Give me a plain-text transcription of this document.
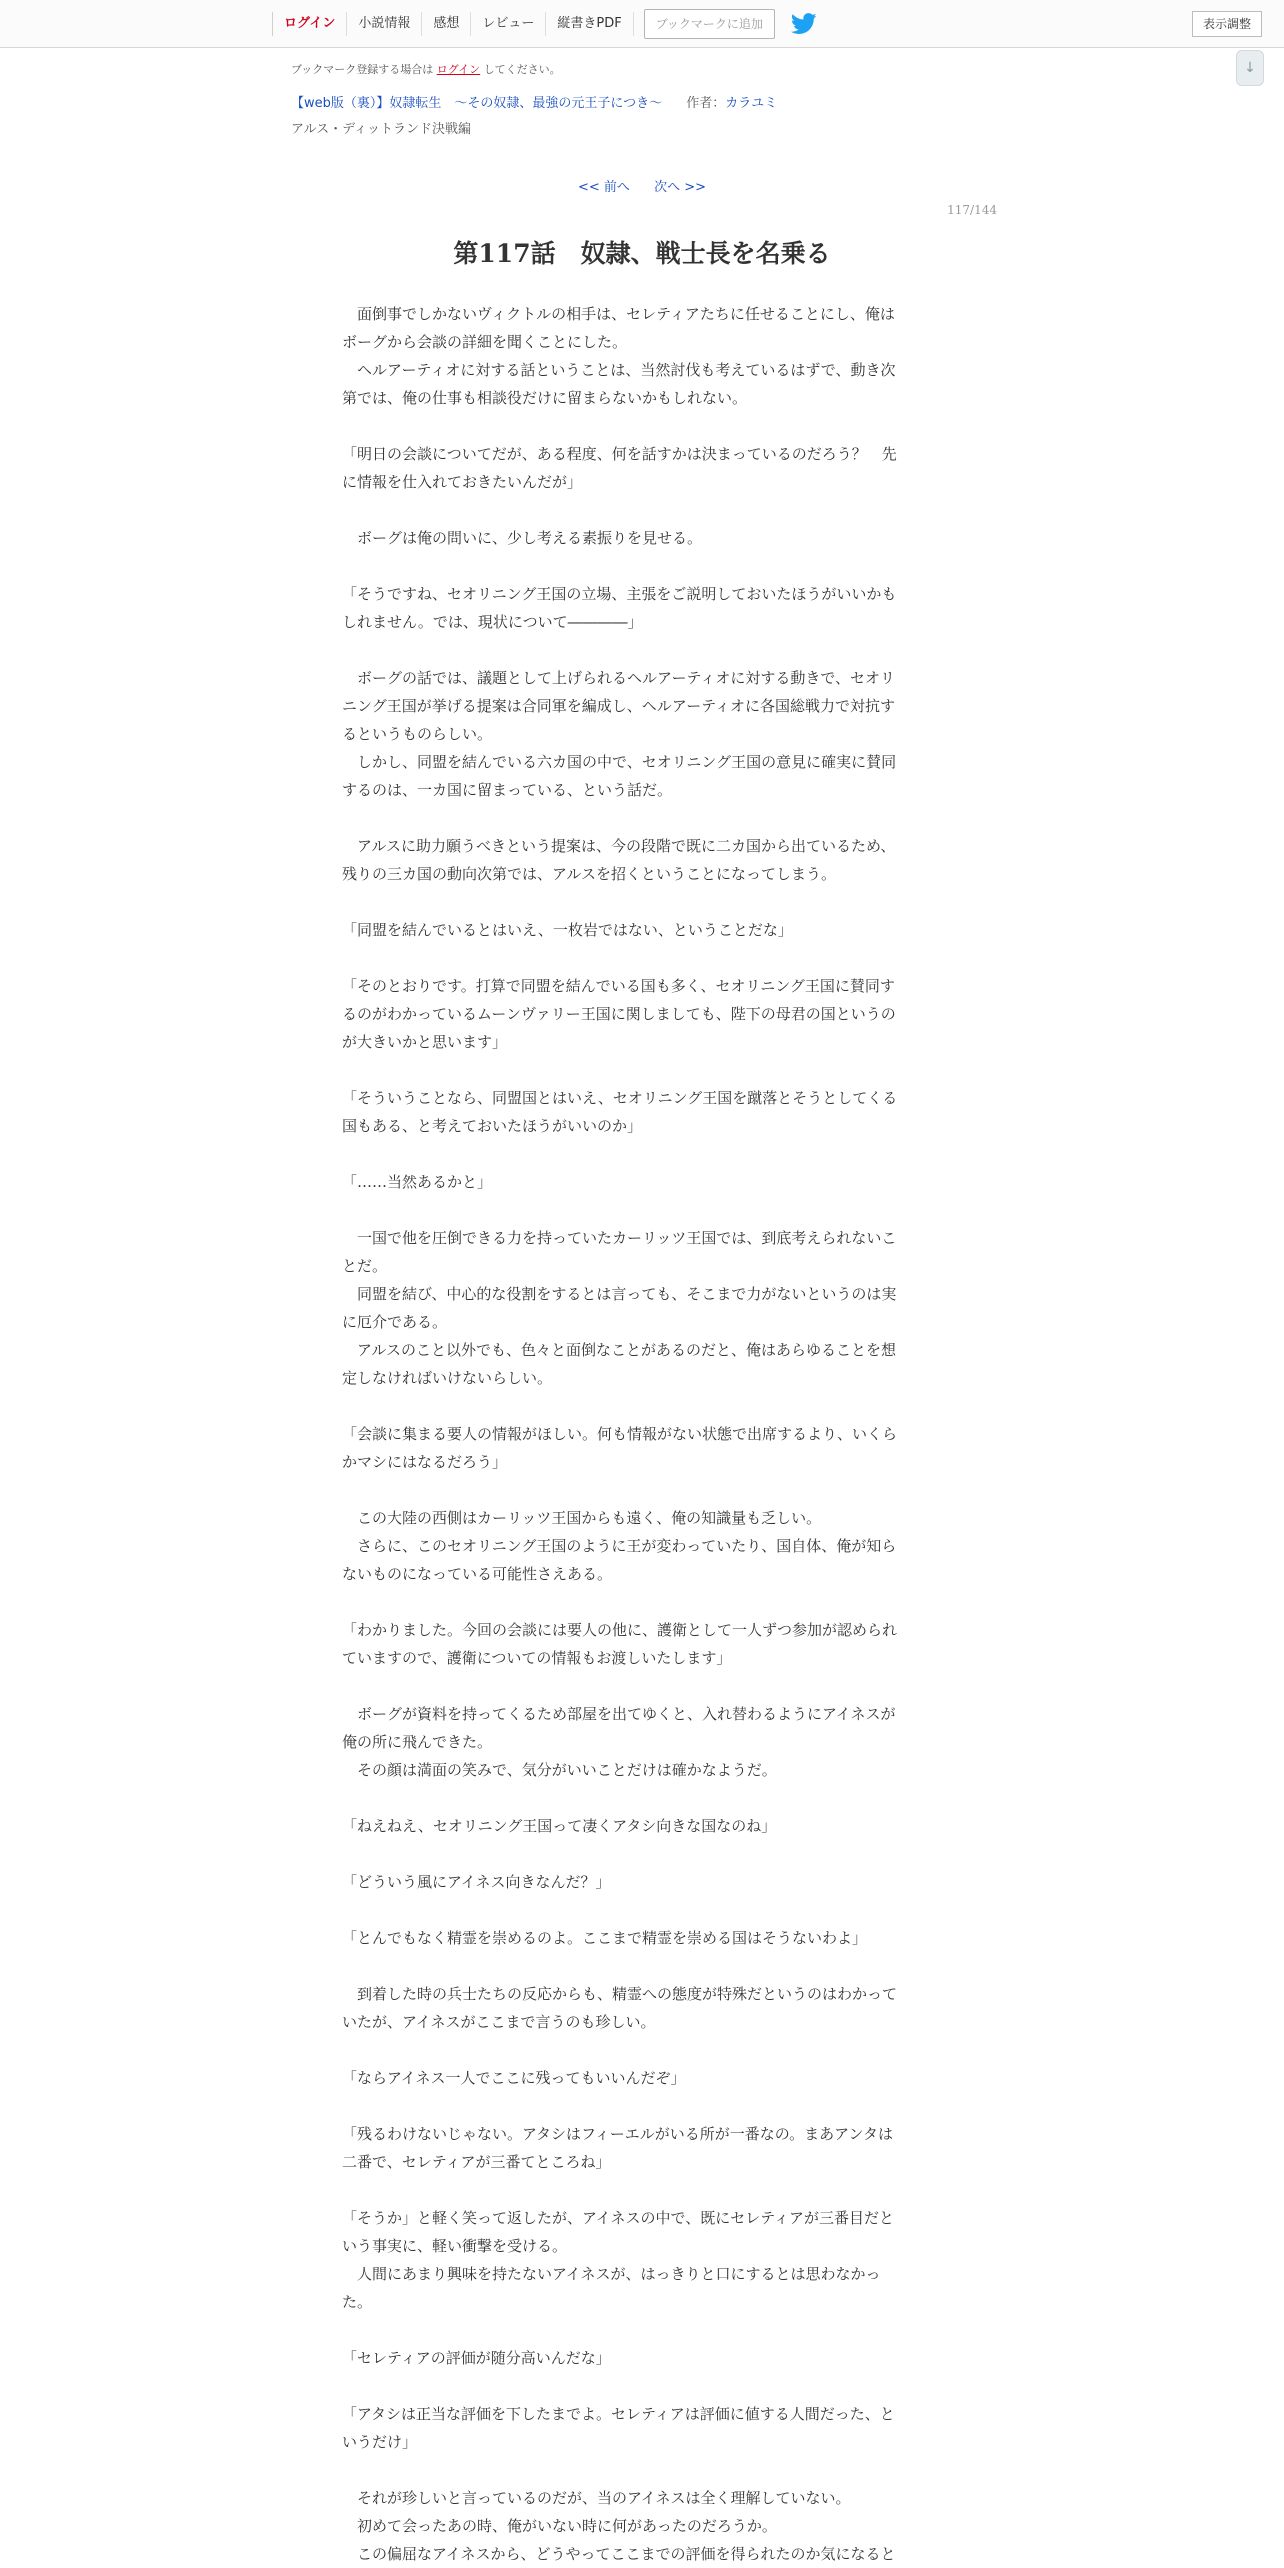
ログイン	小説情報	感想	レビュー	縦書きPDF	ブックマークに追加	表示調整
↓
ブックマーク登録する場合は ログイン してください。
【web版（裏）】奴隷転生　～その奴隷、最強の元王子につき～ 作者：カラユミ
アルス・ディットランド決戦編
<< 前へ 次へ >>
117/144
第117話　奴隷、戦士長を名乗る

　面倒事でしかないヴィクトルの相手は、セレティアたちに任せることにし、俺は

ボーグから会談の詳細を聞くことにした。

　ヘルアーティオに対する話ということは、当然討伐も考えているはずで、動き次

第では、俺の仕事も相談役だけに留まらないかもしれない。

「明日の会談についてだが、ある程度、何を話すかは決まっているのだろう？　先

に情報を仕入れておきたいんだが」

　ボーグは俺の問いに、少し考える素振りを見せる。

「そうですね、セオリニング王国の立場、主張をご説明しておいたほうがいいかも

しれません。では、現状について――――」

　ボーグの話では、議題として上げられるヘルアーティオに対する動きで、セオリ

ニング王国が挙げる提案は合同軍を編成し、ヘルアーティオに各国総戦力で対抗す

るというものらしい。

　しかし、同盟を結んでいる六カ国の中で、セオリニング王国の意見に確実に賛同

するのは、一カ国に留まっている、という話だ。

　アルスに助力願うべきという提案は、今の段階で既に二カ国から出ているため、

残りの三カ国の動向次第では、アルスを招くということになってしまう。

「同盟を結んでいるとはいえ、一枚岩ではない、ということだな」

「そのとおりです。打算で同盟を結んでいる国も多く、セオリニング王国に賛同す

るのがわかっているムーンヴァリー王国に関しましても、陛下の母君の国というの

が大きいかと思います」

「そういうことなら、同盟国とはいえ、セオリニング王国を蹴落とそうとしてくる

国もある、と考えておいたほうがいいのか」

「……当然あるかと」

　一国で他を圧倒できる力を持っていたカーリッツ王国では、到底考えられないこ

とだ。

　同盟を結び、中心的な役割をするとは言っても、そこまで力がないというのは実

に厄介である。

　アルスのこと以外でも、色々と面倒なことがあるのだと、俺はあらゆることを想

定しなければいけないらしい。

「会談に集まる要人の情報がほしい。何も情報がない状態で出席するより、いくら

かマシにはなるだろう」

　この大陸の西側はカーリッツ王国からも遠く、俺の知識量も乏しい。

　さらに、このセオリニング王国のように王が変わっていたり、国自体、俺が知ら

ないものになっている可能性さえある。

「わかりました。今回の会談には要人の他に、護衛として一人ずつ参加が認められ

ていますので、護衛についての情報もお渡しいたします」

　ボーグが資料を持ってくるため部屋を出てゆくと、入れ替わるようにアイネスが

俺の所に飛んできた。

　その顔は満面の笑みで、気分がいいことだけは確かなようだ。

「ねえねえ、セオリニング王国って凄くアタシ向きな国なのね」

「どういう風にアイネス向きなんだ？」

「とんでもなく精霊を崇めるのよ。ここまで精霊を崇める国はそうないわよ」

　到着した時の兵士たちの反応からも、精霊への態度が特殊だというのはわかって

いたが、アイネスがここまで言うのも珍しい。

「ならアイネス一人でここに残ってもいいんだぞ」

「残るわけないじゃない。アタシはフィーエルがいる所が一番なの。まあアンタは

二番で、セレティアが三番てところね」

「そうか」と軽く笑って返したが、アイネスの中で、既にセレティアが三番目だと

いう事実に、軽い衝撃を受ける。

　人間にあまり興味を持たないアイネスが、はっきりと口にするとは思わなかっ

た。

「セレティアの評価が随分高いんだな」

「アタシは正当な評価を下したまでよ。セレティアは評価に値する人間だった、と

いうだけ」

　それが珍しいと言っているのだが、当のアイネスは全く理解していない。

　初めて会ったあの時、俺がいない時に何があったのだろうか。

　この偏屈なアイネスから、どうやってここまでの評価を得られたのか気になると
